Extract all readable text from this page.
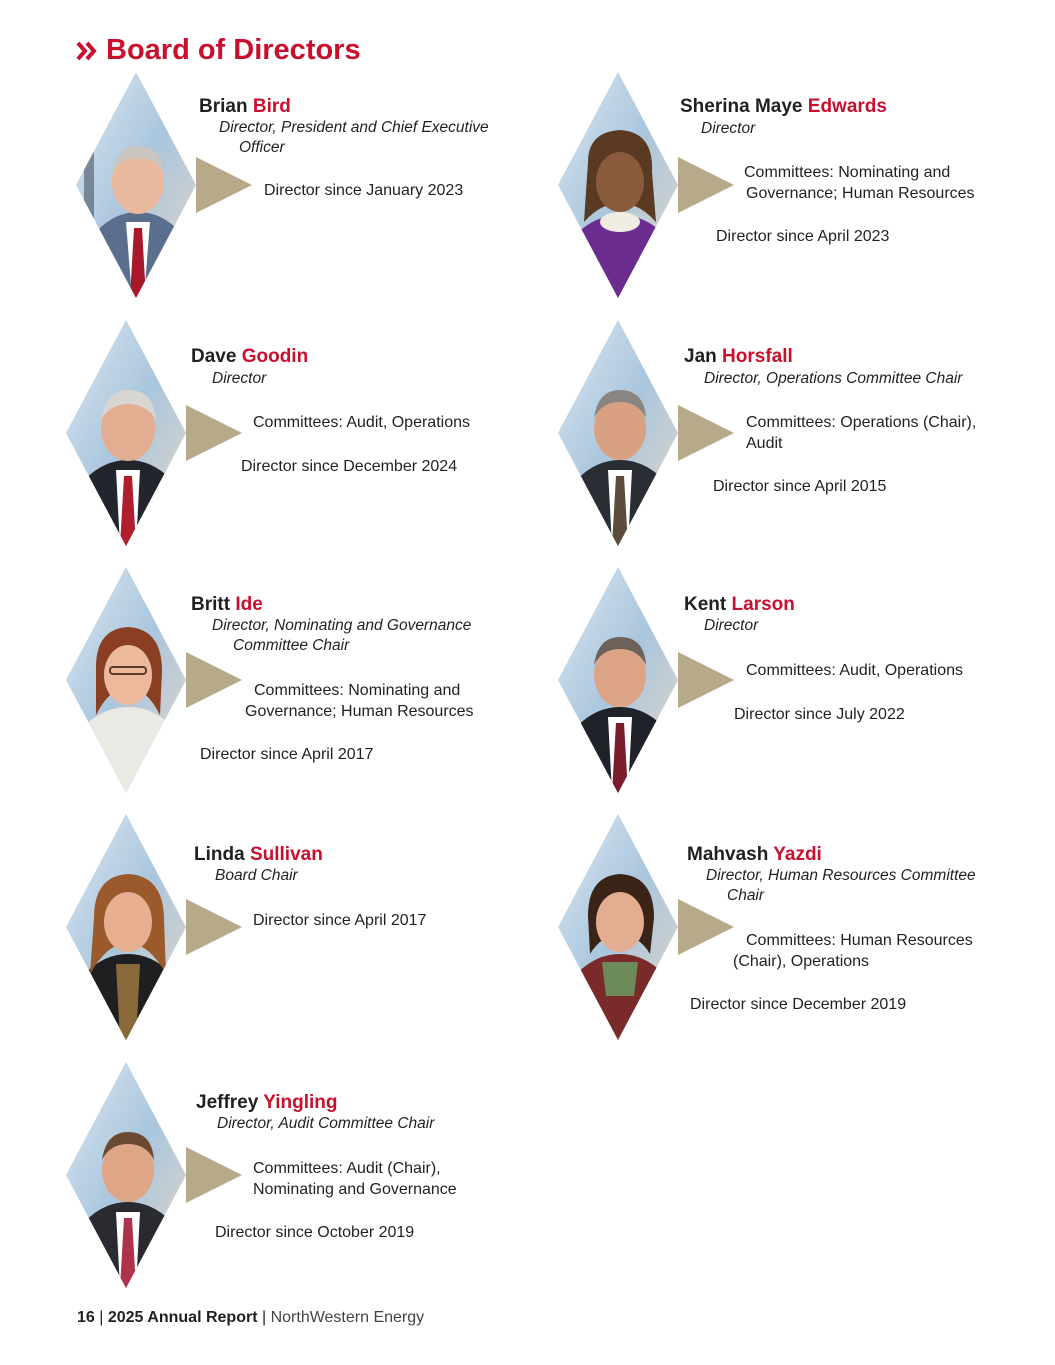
Board of Directors
Brian Bird
Director, President and Chief Executive
Officer
Director since January 2023
Sherina Maye Edwards
Director
Committees: Nominating and
Governance; Human Resources
Director since April 2023
Dave Goodin
Director
Committees: Audit, Operations
Director since December 2024
Jan Horsfall
Director, Operations Committee Chair
Committees: Operations (Chair),
Audit
Director since April 2015
Britt Ide
Director, Nominating and Governance
Committee Chair
Committees: Nominating and
Governance; Human Resources
Director since April 2017
Kent Larson
Director
Committees: Audit, Operations
Director since July 2022
Linda Sullivan
Board Chair
Director since April 2017
Mahvash Yazdi
Director, Human Resources Committee
Chair
Committees: Human Resources
(Chair), Operations
Director since December 2019
Jeffrey Yingling
Director, Audit Committee Chair
Committees: Audit (Chair),
Nominating and Governance
Director since October 2019
16 | 2025 Annual Report | NorthWestern Energy
